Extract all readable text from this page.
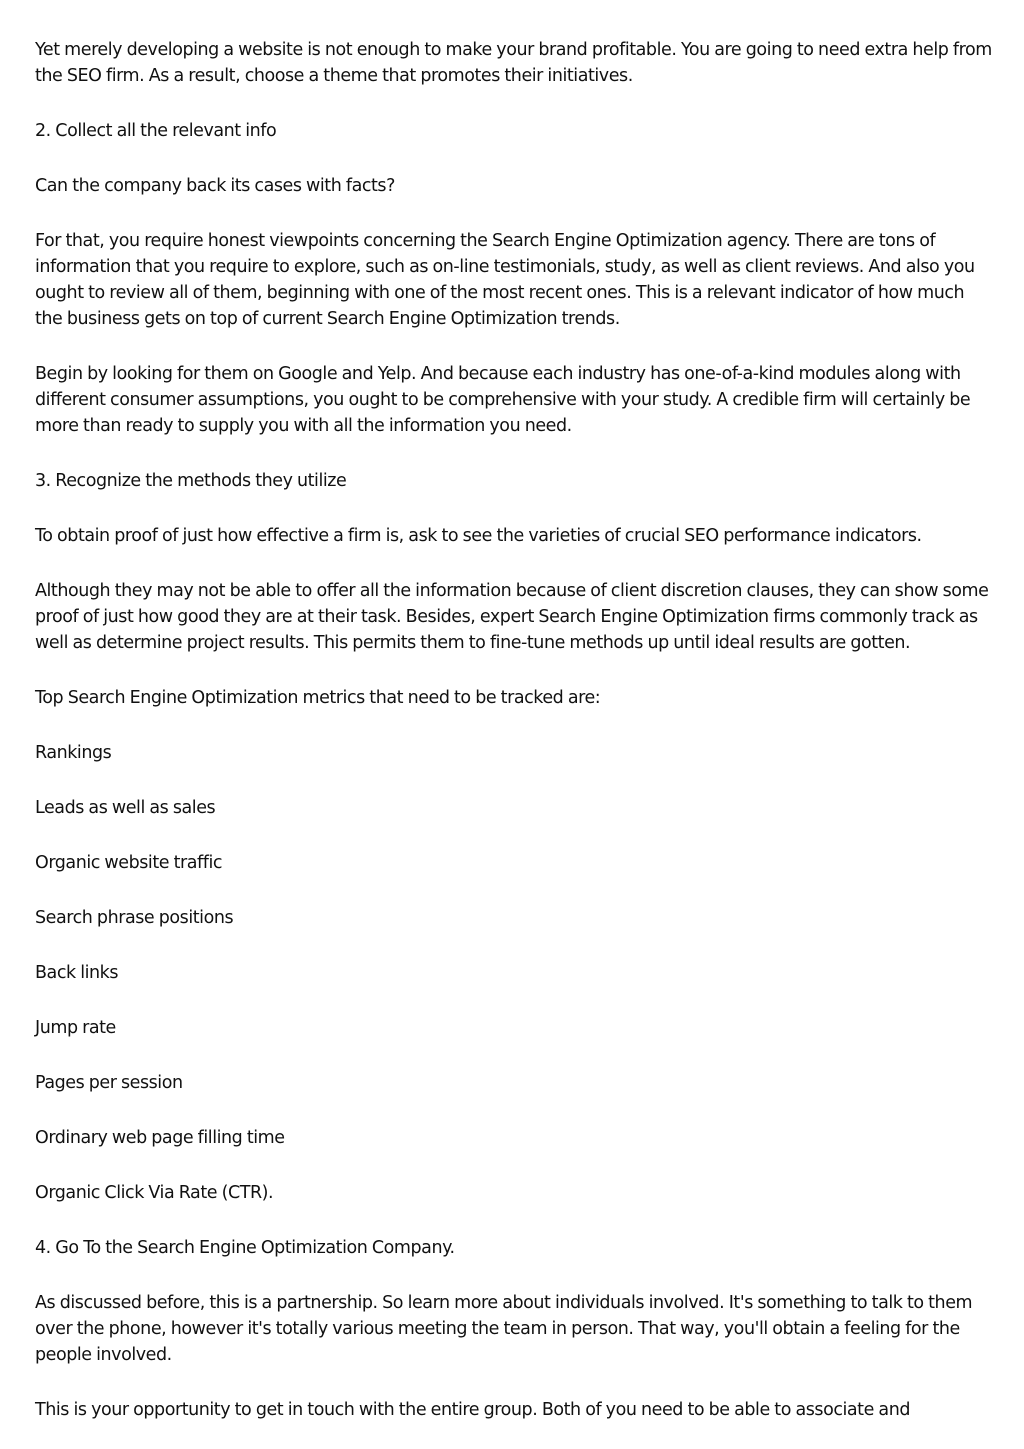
Yet merely developing a website is not enough to make your brand profitable. You are going to need extra help from the SEO firm. As a result, choose a theme that promotes their initiatives.

2. Collect all the relevant info

Can the company back its cases with facts?

For that, you require honest viewpoints concerning the Search Engine Optimization agency. There are tons of information that you require to explore, such as on-line testimonials, study, as well as client reviews. And also you ought to review all of them, beginning with one of the most recent ones. This is a relevant indicator of how much the business gets on top of current Search Engine Optimization trends.

Begin by looking for them on Google and Yelp. And because each industry has one-of-a-kind modules along with different consumer assumptions, you ought to be comprehensive with your study. A credible firm will certainly be more than ready to supply you with all the information you need.

3. Recognize the methods they utilize

To obtain proof of just how effective a firm is, ask to see the varieties of crucial SEO performance indicators.

Although they may not be able to offer all the information because of client discretion clauses, they can show some proof of just how good they are at their task. Besides, expert Search Engine Optimization firms commonly track as well as determine project results. This permits them to fine-tune methods up until ideal results are gotten.

Top Search Engine Optimization metrics that need to be tracked are:

Rankings

Leads as well as sales

Organic website traffic

Search phrase positions

Back links

Jump rate

Pages per session

Ordinary web page filling time

Organic Click Via Rate (CTR).

4. Go To the Search Engine Optimization Company.

As discussed before, this is a partnership. So learn more about individuals involved. It's something to talk to them over the phone, however it's totally various meeting the team in person. That way, you'll obtain a feeling for the people involved.

This is your opportunity to get in touch with the entire group. Both of you need to be able to associate and
